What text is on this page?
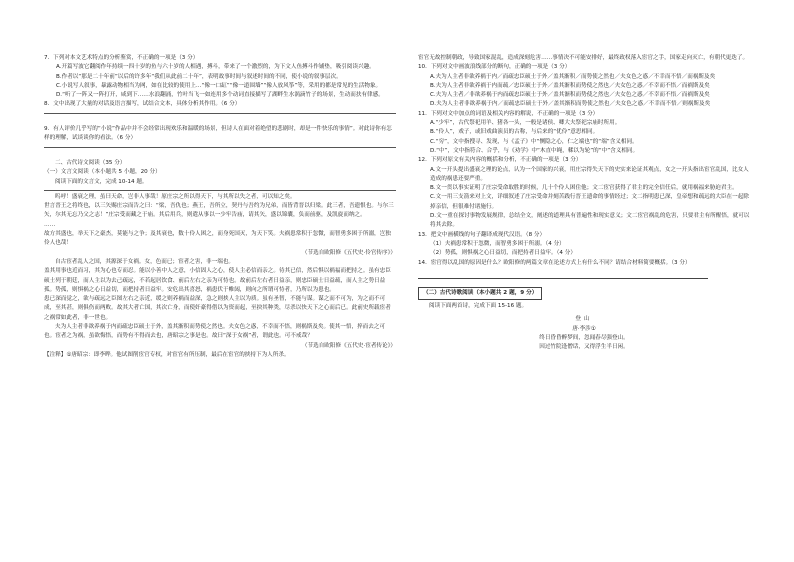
7．下列对本文艺术特点的分析鉴赏，不正确的一项是（3 分）

A.开篇写波它翻阅作年持续一四十岁的鱼与六十岁的人相遇，搏斗，带来了一个激烈的，为下文人鱼搏斗作铺垫，吸引阅读兴趣。

B.作者以“那是二十年前”以后的许多年“我们从此前二十年”，表明故事时间与叙述时间的不同，使小说的叙事层次。

C.小说写人叙事，暴露动物相当为网，如在比较的使用上…“像一口缸”“像一道围墙”“像人放风筝”等，采用的都是常见的生活物象。

D.“听了一阵又一阵打开，咸到下……水浪翻涌，竹叶当飞一如连用多个动词直接描写了湖畔生水涡滴竹子的场景，生动而扶有律感。

8．文中出现了大量的对话及语言描写，试结合文本，具体分析其作用。（6 分）

9．有人评价几乎写的“小说”作品中并不会经常出现欢乐和温暖的场景，但诗人在面对着绝望的悲剧时，却是一件快乐的事情”。对此诗你有怎样的理解，试谈谈你的看法。（6 分）

二、古代诗文阅读（35 分）

（一）文言文阅读（本小题共 5 小题，20 分）

阅读下面的文言文，完成 10-14 题。

呜呼！盛衰之理，虽曰天命，岂非人事哉！原庄宗之所以得天下，与其所以失之者，可以知之矣。

世言晋王之将终也，以三矢赐庄宗而告之曰：“梁，吾仇也；燕王，吾所立，契丹与吾约为兄弟，而皆背晋以归梁。此三者，吾遗恨也。与尔三矢，尔其无忘乃父之志！”庄宗受而藏之于庙。其后用兵，则遣从事以一少牢告庙，请其矢，盛以锦囊，负而前驱，及凯旋而纳之。

……

故方其盛也，举天下之豪杰，莫能与之争；及其衰也，数十伶人困之，而身死国灭，为天下笑。夫祸患常积于忽微，而智勇多困于所溺，岂独伶人也哉！

（节选自欧阳修《五代史·伶官传序》）

自古宦者乱人之国，其源深于女祸。女，色而已；宦者之害，非一端也。

盖其用事也近而习，其为心也专而忍。能以小善中人之意，小信固人之心，使人主必信而亲之。待其已信，然后惧以祸福而把持之。虽有忠臣硕士列于朝廷，而人主以为去己疏远，不若起居饮食、前后左右之亲为可恃也。故前后左右者日益亲，则忠臣硕士日益疏，而人主之势日益孤。势孤，则惧祸之心日益切，而把持者日益牢。安危出其喜怒，祸患伏于帷闼，则向之所谓可恃者，乃所以为患也。

患已深而觉之，欲与疏远之臣图左右之亲近，缓之则养祸而益深，急之则挟人主以为质。虽有圣智，不能与谋。谋之而不可为，为之而不可成，至其甚，则俱伤而两败。故其大者亡国，其次亡身，而使奸豪得借以为资而起，至抉其种类，尽杀以快天下之心而后已。此前史所载宦者之祸常如此者，非一世也。

夫为人主者非欲养祸于内而疏忠臣硕士于外，盖其渐积而势使之然也。夫女色之惑，不幸而不悟，则祸斯及矣。使其一悟，捽而去之可也。宦者之为祸，虽欲悔悟，而势有不得而去也，唐昭宗之事是也。故曰“深于女祸”者，谓此也。可不戒哉？

（节选自欧阳修《五代史·宦者传论》）

【注释】①唐昭宗：即李晔。他试图削宦官专权，对宦官有所压制，最后在宦官的挟持下为人所杀。

宦官无故控制朝政，导致国家混乱，造成深刻危害……事情决不可能安排好，最终政权落入宦官之手，国家走向灭亡，有朝代更迭了。

10．下列对文中画波浪线部分的断句，正确的一项是（3 分）

A.夫为人主者非欲养祸于内／而疏忠臣硕士于外／盖其渐积／而势使之然也／夫女色之惑／不幸而不悟／而祸斯及矣

B.夫为人主者非欲养祸于内而疏／忠臣硕士于外／盖其渐积而势使之然也／夫女色之惑／不幸而不悟／而祸斯及矣

C.夫为人主者／非欲养祸于内而疏忠臣硕士于外／盖其渐积而势使之然也／夫女色之惑／不幸而不悟／而祸斯及矣

D.夫为人主者非欲养祸于内／而疏忠臣硕士于外／盖其渐积而势使之然也／夫女色之惑／不幸而不悟／则祸斯及矣

11．下列对文中加点的词语及相关内容的解说，不正确的一项是（3 分）

A.“少牢”，古代祭祀用羊、猪各一头，一般是诸侯、卿大夫祭祀宗庙时所用。

B.“伶人”，戏子，或旧戏曲演员的古称，与后来的“优伶”意思相同。

C.“穷”，文中指搜寻、发现，与《孟子》中“恻隐之心，仁之端也”的“端”含义相同。

D.“中”，文中指符合、合乎，与《劝学》中“木直中绳，輮以为轮”的“中”含义相同。

12．下列对原文有关内容的概括和分析，不正确的一项是（3 分）

A.文一开头提出盛衰之理的论点，认为一个国家的兴衰，用庄宗得失天下的史实来论证其观点，女之一开头指出宦官乱国，比女人造成的祸患还要严重。

B.文一贯以事实证明了庄宗受命取胜的时候，几十个伶人困住他；文二宦官获得了君主的完全信任后，就用祸福来胁迫君主。

C.文一用三支箭来对上文，详细叙述了庄宗受命并刻苦践行晋王遗命的事情经过；文二指明患已深，皇帝想和疏远的大臣在一起除掉亲信，但很难付诸施行。

D.文一重在探讨事物发展规律，总结全文，阐述的道理具有普遍性和现实意义；文二宦官祸乱的危害，只要君主有所醒悟，就可以将其去除。

13．把文中画横线的句子翻译成现代汉语。（8 分）

（1）夫祸患常积于忽微，而智勇多困于所溺。（4 分）

（2）势孤，则惧祸之心日益切，而把持者日益牢。（4 分）

14．宦官得以乱国的原因是什么？欧阳修的两篇文章在论述方式上有什么不同？请结合材料简要概括。（3 分）

（二）古代诗歌阅读（本小题共 2 题，9 分）

阅读下面两首诗，完成下面 15-16 题。

登山

唐·李涉①

终日昏昏醉梦间，忽闻春尽强登山。

因过竹院逢僧话，又得浮生半日闲。
